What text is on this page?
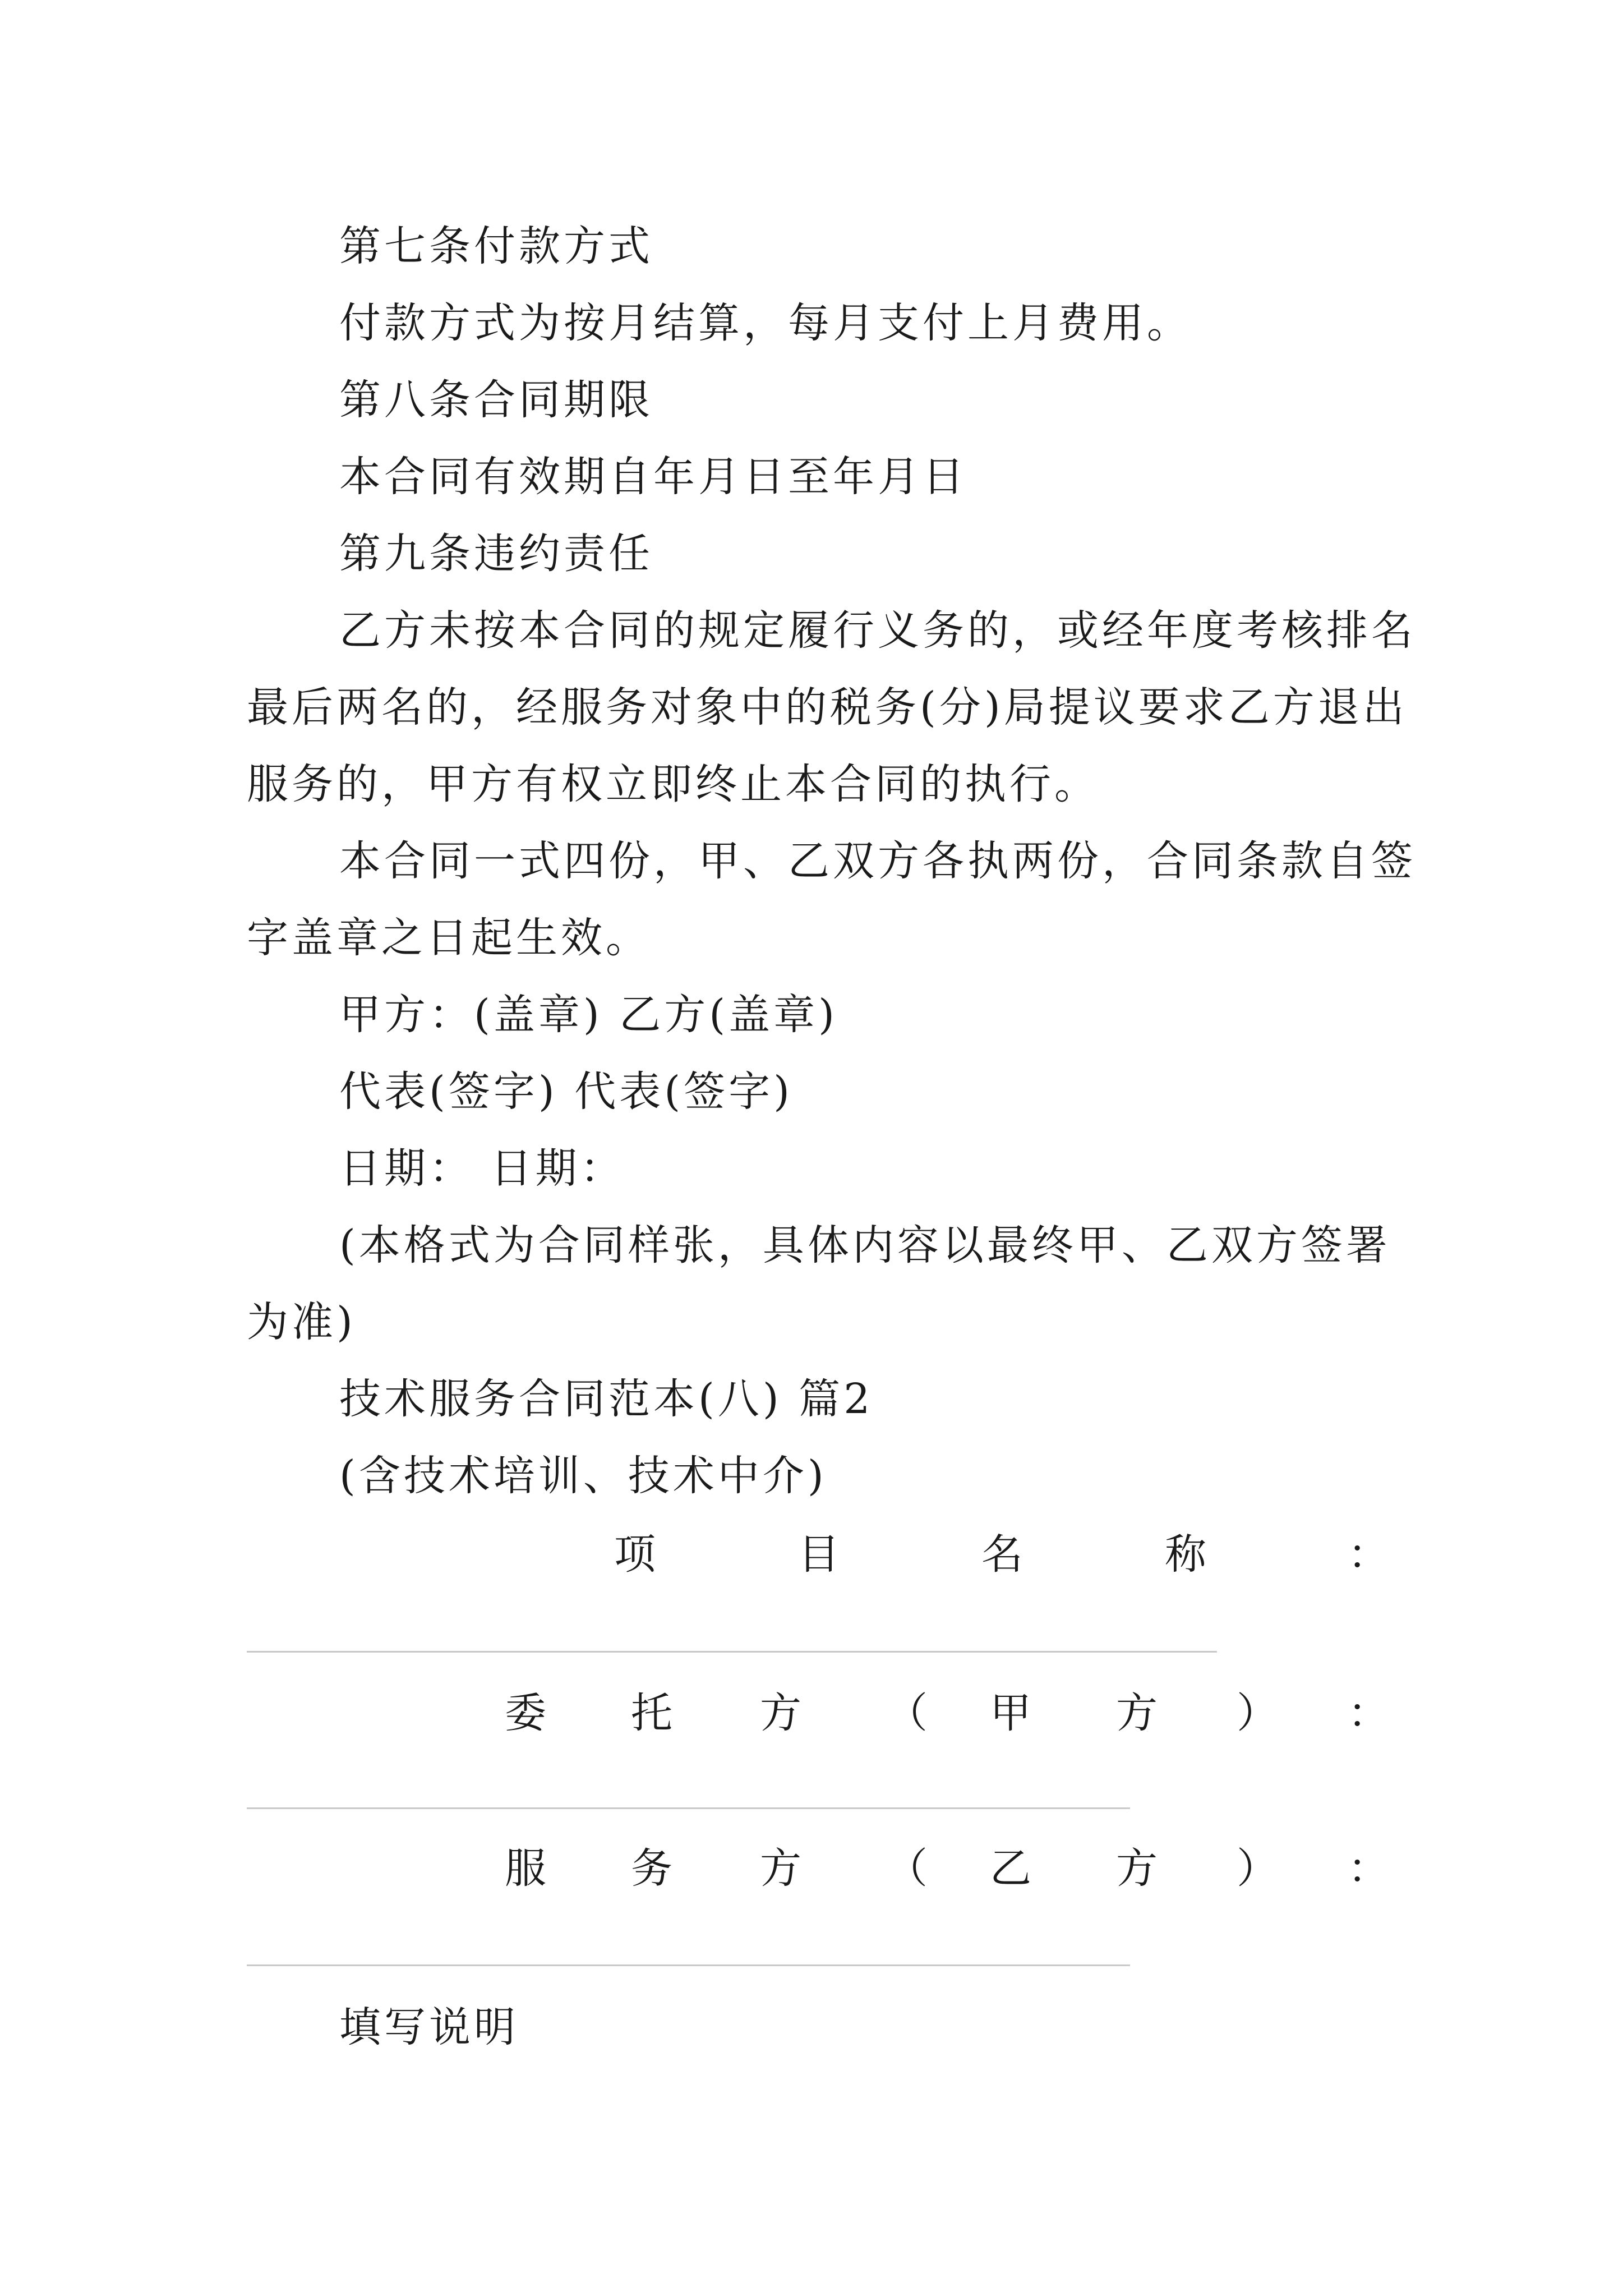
第七条付款方式
付款方式为按月结算，每月支付上月费用。
第八条合同期限
本合同有效期自年月日至年月日
第九条违约责任
乙方未按本合同的规定履行义务的，或经年度考核排名
最后两名的，经服务对象中的税务(分)局提议要求乙方退出
服务的，甲方有权立即终止本合同的执行。
本合同一式四份，甲、乙双方各执两份，合同条款自签
字盖章之日起生效。
甲方：(盖章) 乙方(盖章)
代表(签字) 代表(签字)
日期： 日期：
(本格式为合同样张，具体内容以最终甲、乙双方签署
为准)
技术服务合同范本(八) 篇2
(含技术培训、技术中介)
项	目	名	称	：
委 托 方 （ 甲 方 ） ：
服 务 方 （ 乙 方 ） ：
填写说明
